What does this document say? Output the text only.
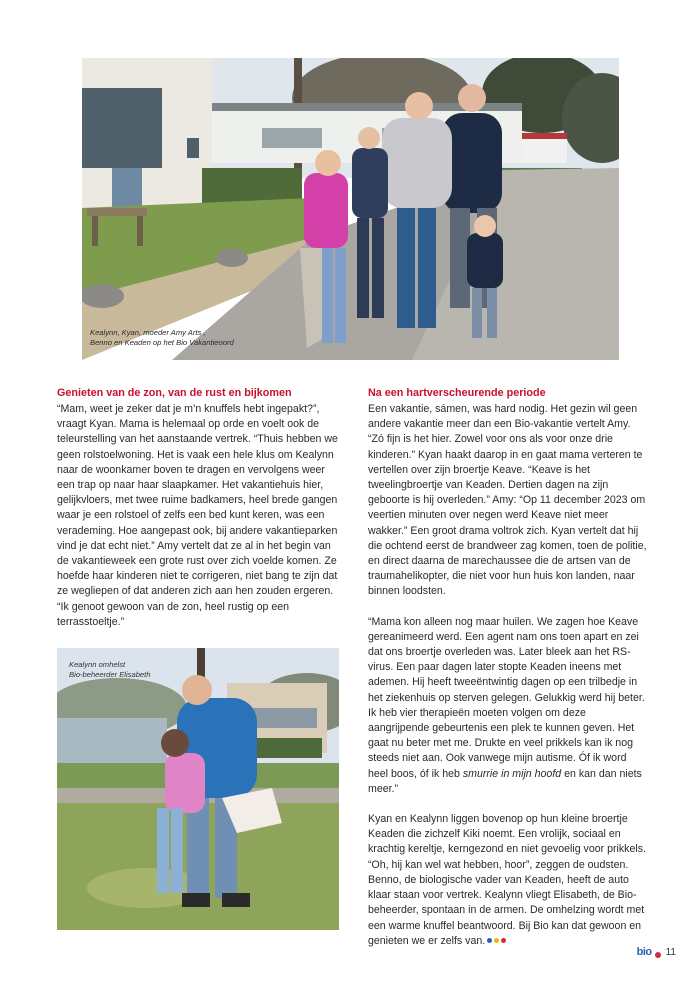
Kealynn, Kyan, moeder Amy Arts ,
Benno en Keaden op het Bio Vakantieoord
Genieten van de zon, van de rust en bijkomen

“Mam, weet je zeker dat je m’n knuffels hebt ingepakt?”, vraagt Kyan. Mama is helemaal op orde en voelt ook de teleurstelling van het aanstaande vertrek. “Thuis hebben we geen rolstoelwoning. Het is vaak een hele klus om Kealynn naar de woonkamer boven te dragen en vervolgens weer een trap op naar haar slaapkamer. Het vakantiehuis hier, gelijkvloers, met twee ruime badkamers, heel brede gangen waar je een rolstoel of zelfs een bed kunt keren, was een verademing. Hoe aangepast ook, bij andere vakantieparken vind je dat echt niet.” Amy vertelt dat ze al in het begin van de vakantieweek een grote rust over zich voelde komen. Ze hoefde haar kinderen niet te corrigeren, niet bang te zijn dat ze wegliepen of dat anderen zich aan hen zouden ergeren. “Ik genoot gewoon van de zon, heel rustig op een terrasstoeltje.”

Kealynn omhelst
Bio-beheerder Elisabeth
Na een hartverscheurende periode

Een vakantie, sámen, was hard nodig. Het gezin wil geen andere vakantie meer dan een Bio-vakantie vertelt Amy. “Zó fijn is het hier. Zowel voor ons als voor onze drie kinderen.” Kyan haakt daarop in en gaat mama verteren te vertellen over zijn broertje Keave. “Keave is het tweelingbroertje van Keaden. Dertien dagen na zijn geboorte is hij overleden.” Amy: “Op 11 december 2023 om veertien minuten over negen werd Keave niet meer wakker.” Een groot drama voltrok zich. Kyan vertelt dat hij die ochtend eerst de brandweer zag komen, toen de politie, en direct daarna de marechaussee die de artsen van de traumahelikopter, die niet voor hun huis kon landen, naar binnen loodsten.

“Mama kon alleen nog maar huilen. We zagen hoe Keave gereanimeerd werd. Een agent nam ons toen apart en zei dat ons broertje overleden was. Later bleek aan het RS-virus. Een paar dagen later stopte Keaden ineens met ademen. Hij heeft tweeëntwintig dagen op een trilbedje in het ziekenhuis op sterven gelegen. Gelukkig werd hij beter. Ik heb vier therapieën moeten volgen om deze aangrijpende gebeurtenis een plek te kunnen geven. Het gaat nu beter met me. Drukte en veel prikkels kan ik nog steeds niet aan. Ook vanwege mijn autisme. Óf ik word heel boos, óf ik heb smurrie in mijn hoofd en kan dan niets meer.”

Kyan en Kealynn liggen bovenop op hun kleine broertje Keaden die zichzelf Kiki noemt. Een vrolijk, sociaal en krachtig kereltje, kerngezond en niet gevoelig voor prikkels. “Oh, hij kan wel wat hebben, hoor”, zeggen de oudsten. Benno, de biologische vader van Keaden, heeft de auto klaar staan voor vertrek. Kealynn vliegt Elisabeth, de Bio-beheerder, spontaan in de armen. De omhelzing wordt met een warme knuffel beantwoord. Bij Bio kan dat gewoon en genieten we er zelfs van.

bio 11
